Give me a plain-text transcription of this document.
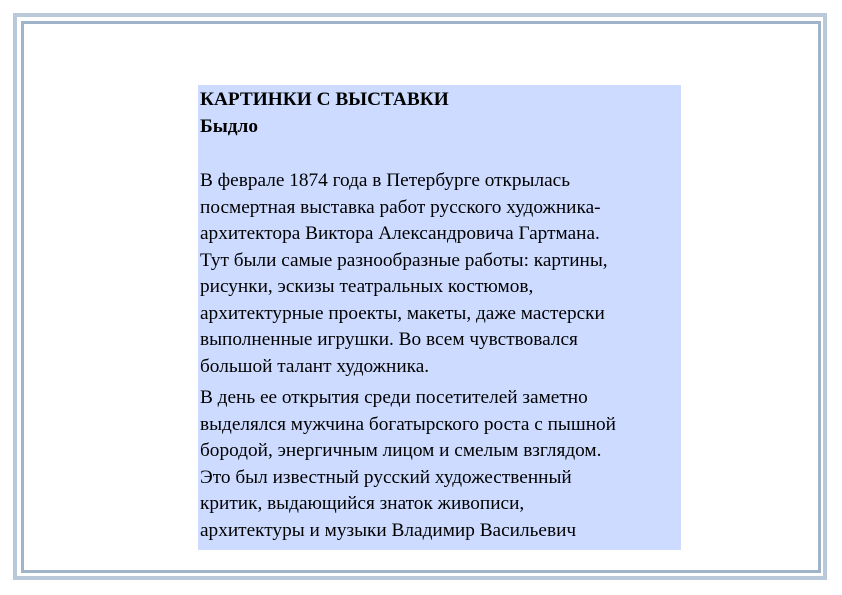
КАРТИНКИ С ВЫСТАВКИ

Быдло

В феврале 1874 года в Петербурге открылась
посмертная выставка работ русского художника-
архитектора Виктора Александровича Гартмана.
Тут были самые разнообразные работы: картины,
рисунки, эскизы театральных костюмов,
архитектурные проекты, макеты, даже мастерски
выполненные игрушки. Во всем чувствовался
большой талант художника.

В день ее открытия среди посетителей заметно
выделялся мужчина богатырского роста с пышной
бородой, энергичным лицом и смелым взглядом.
Это был известный русский художественный
критик, выдающийся знаток живописи,
архитектуры и музыки Владимир Васильевич
